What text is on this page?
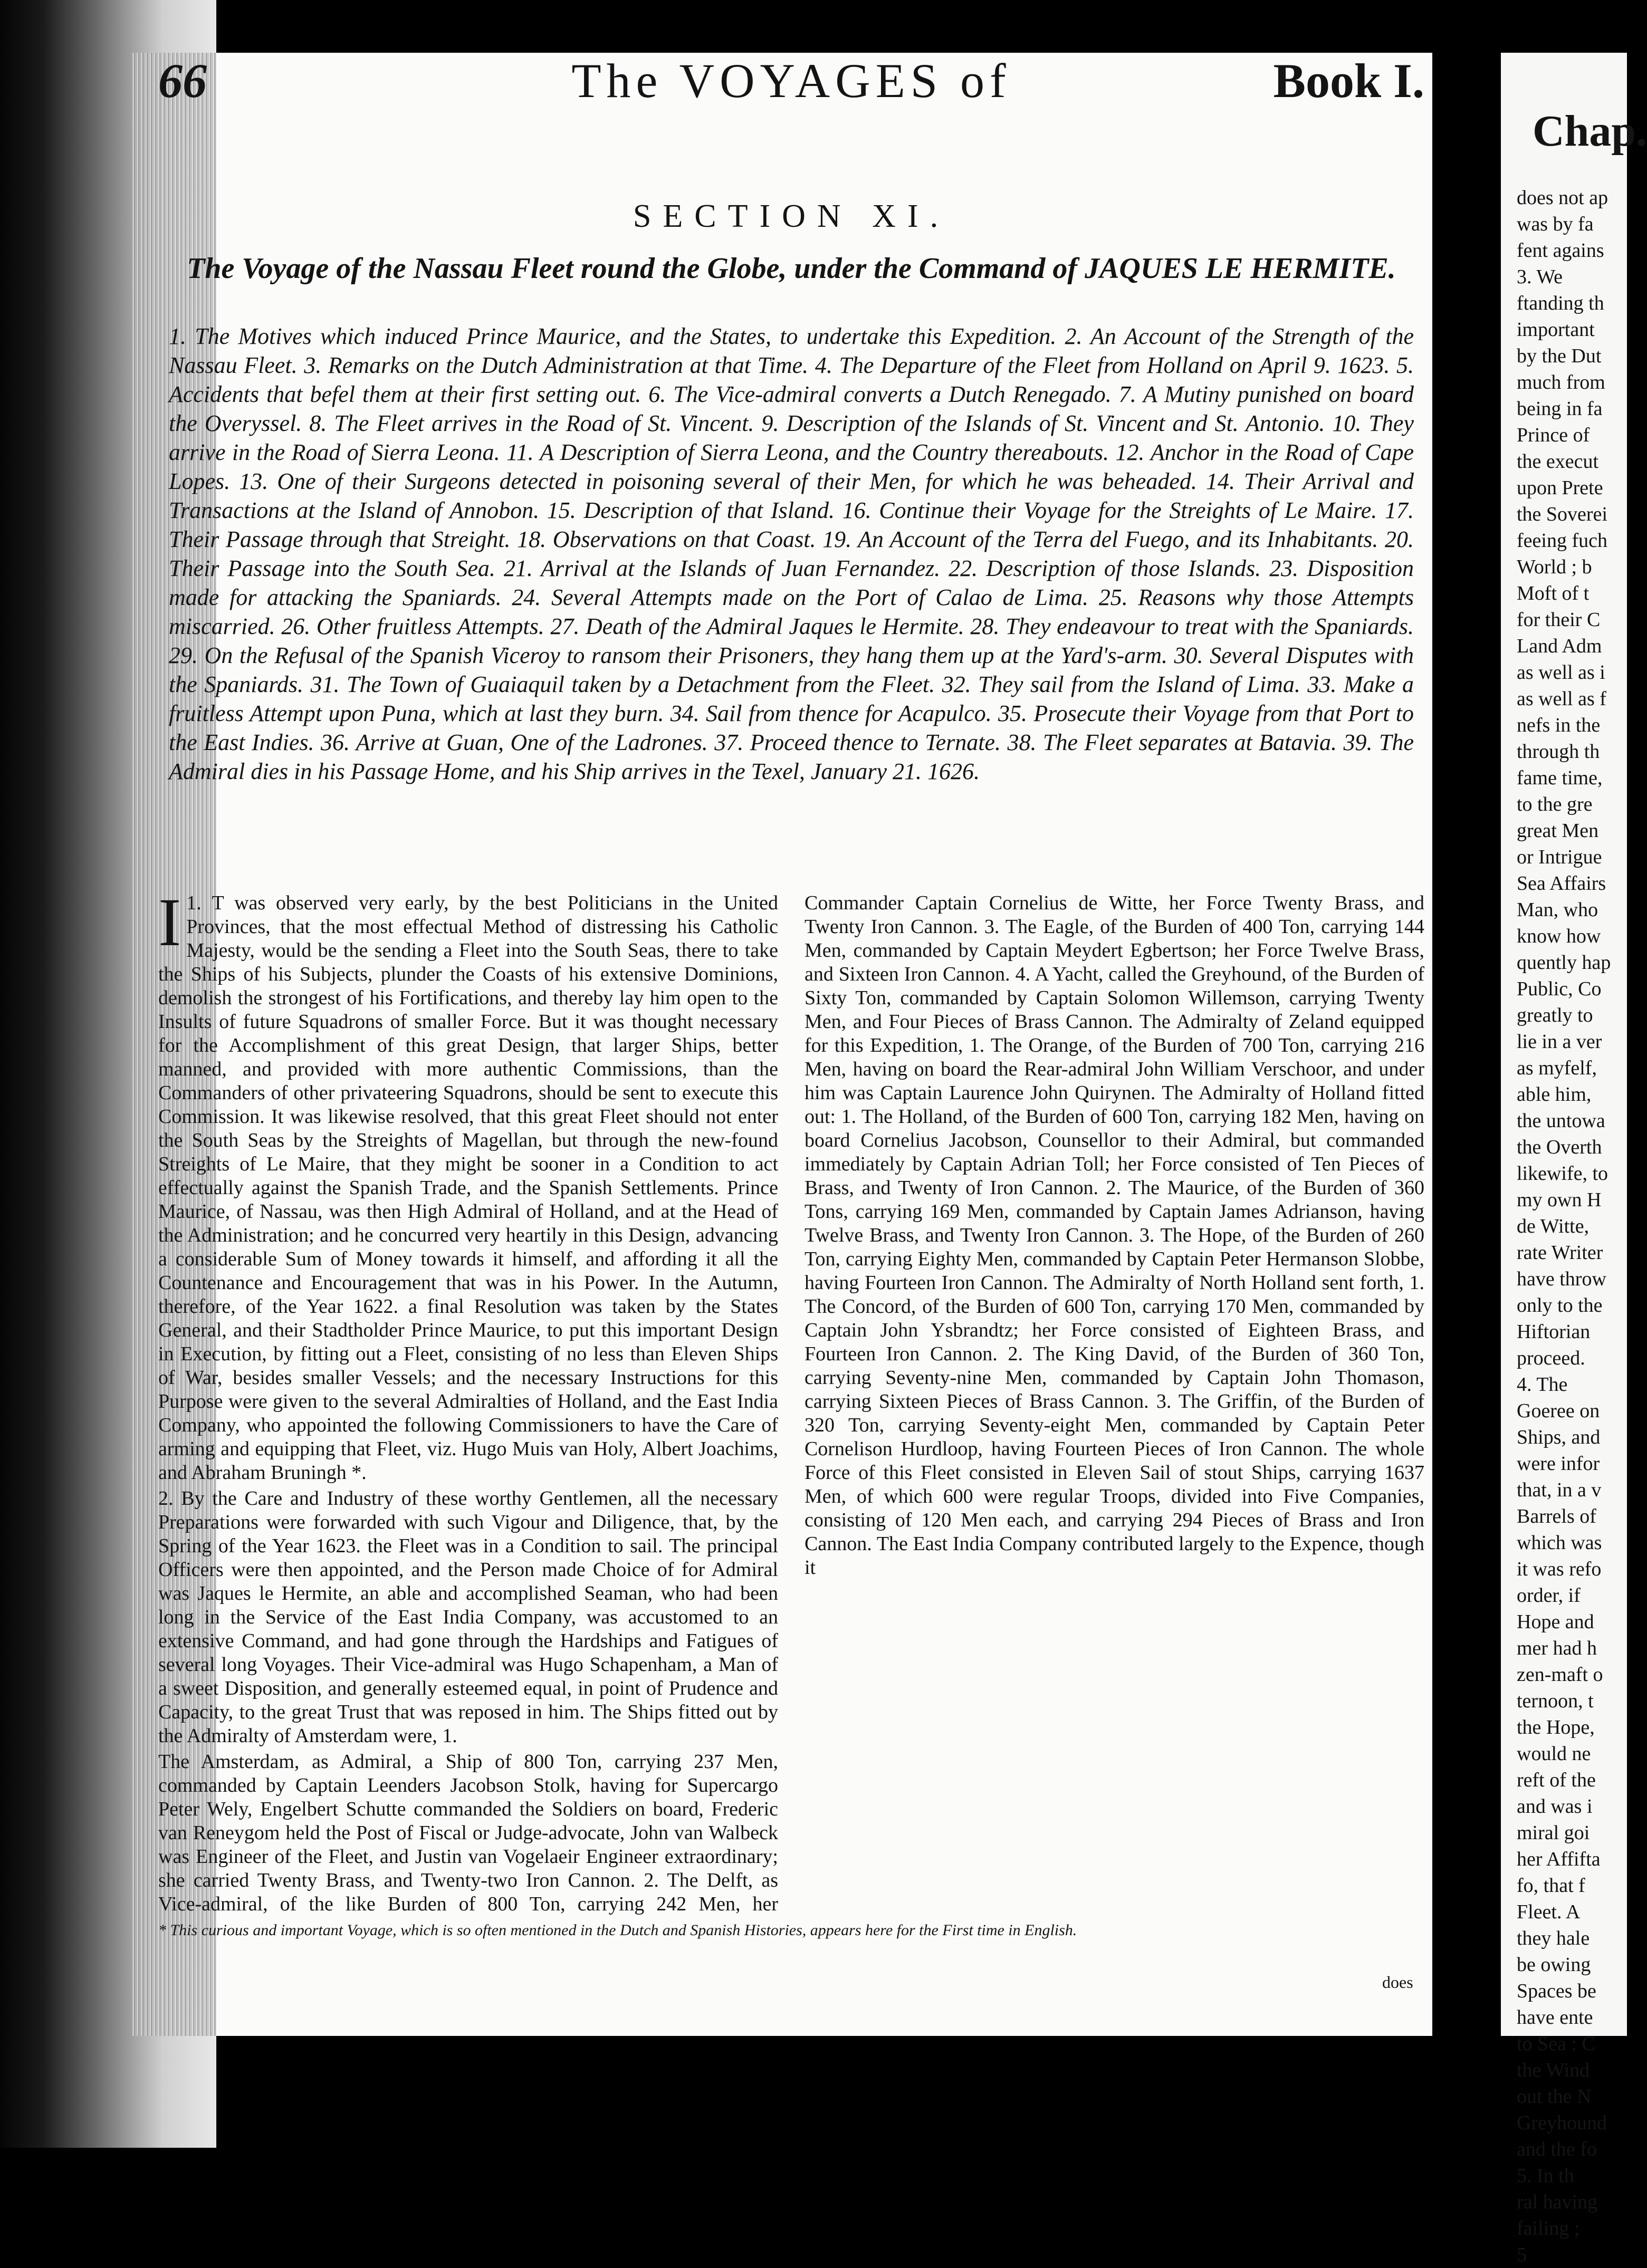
66	The VOYAGES of	Book I.
SECTION XI.
The Voyage of the Nassau Fleet round the Globe, under the Command of JAQUES LE HERMITE.
1. The Motives which induced Prince Maurice, and the States, to undertake this Expedition. 2. An Account of the Strength of the Nassau Fleet. 3. Remarks on the Dutch Administration at that Time. 4. The Departure of the Fleet from Holland on April 9. 1623. 5. Accidents that befel them at their first setting out. 6. The Vice-admiral converts a Dutch Renegado. 7. A Mutiny punished on board the Overyssel. 8. The Fleet arrives in the Road of St. Vincent. 9. Description of the Islands of St. Vincent and St. Antonio. 10. They arrive in the Road of Sierra Leona. 11. A Description of Sierra Leona, and the Country thereabouts. 12. Anchor in the Road of Cape Lopes. 13. One of their Surgeons detected in poisoning several of their Men, for which he was beheaded. 14. Their Arrival and Transactions at the Island of Annobon. 15. Description of that Island. 16. Continue their Voyage for the Streights of Le Maire. 17. Their Passage through that Streight. 18. Observations on that Coast. 19. An Account of the Terra del Fuego, and its Inhabitants. 20. Their Passage into the South Sea. 21. Arrival at the Islands of Juan Fernandez. 22. Description of those Islands. 23. Disposition made for attacking the Spaniards. 24. Several Attempts made on the Port of Calao de Lima. 25. Reasons why those Attempts miscarried. 26. Other fruitless Attempts. 27. Death of the Admiral Jaques le Hermite. 28. They endeavour to treat with the Spaniards. 29. On the Refusal of the Spanish Viceroy to ransom their Prisoners, they hang them up at the Yard's-arm. 30. Several Disputes with the Spaniards. 31. The Town of Guaiaquil taken by a Detachment from the Fleet. 32. They sail from the Island of Lima. 33. Make a fruitless Attempt upon Puna, which at last they burn. 34. Sail from thence for Acapulco. 35. Prosecute their Voyage from that Port to the East Indies. 36. Arrive at Guan, One of the Ladrones. 37. Proceed thence to Ternate. 38. The Fleet separates at Batavia. 39. The Admiral dies in his Passage Home, and his Ship arrives in the Texel, January 21. 1626.

1.
I T was observed very early, by the best Politicians in the United Provinces, that the most effectual Method of distressing his Catholic Majesty, would be the sending a Fleet into the South Seas, there to take the Ships of his Subjects, plunder the Coasts of his extensive Dominions, demolish the strongest of his Fortifications, and thereby lay him open to the Insults of future Squadrons of smaller Force. But it was thought necessary for the Accomplishment of this great Design, that larger Ships, better manned, and provided with more authentic Commissions, than the Commanders of other privateering Squadrons, should be sent to execute this Commission. It was likewise resolved, that this great Fleet should not enter the South Seas by the Streights of Magellan, but through the new-found Streights of Le Maire, that they might be sooner in a Condition to act effectually against the Spanish Trade, and the Spanish Settlements. Prince Maurice, of Nassau, was then High Admiral of Holland, and at the Head of the Administration; and he concurred very heartily in this Design, advancing a considerable Sum of Money towards it himself, and affording it all the Countenance and Encouragement that was in his Power. In the Autumn, therefore, of the Year 1622. a final Resolution was taken by the States General, and their Stadtholder Prince Maurice, to put this important Design in Execution, by fitting out a Fleet, consisting of no less than Eleven Ships of War, besides smaller Vessels; and the necessary Instructions for this Purpose were given to the several Admiralties of Holland, and the East India Company, who appointed the following Commissioners to have the Care of arming and equipping that Fleet, viz. Hugo Muis van Holy, Albert Joachims, and Abraham Bruningh *.

2. By the Care and Industry of these worthy Gentlemen, all the necessary Preparations were forwarded with such Vigour and Diligence, that, by the Spring of the Year 1623. the Fleet was in a Condition to sail. The principal Officers were then appointed, and the Person made Choice of for Admiral was Jaques le Hermite, an able and accomplished Seaman, who had been long in the Service of the East India Company, was accustomed to an extensive Command, and had gone through the Hardships and Fatigues of several long Voyages. Their Vice-admiral was Hugo Schapenham, a Man of a sweet Disposition, and generally esteemed equal, in point of Prudence and Capacity, to the great Trust that was reposed in him. The Ships fitted out by the Admiralty of Amsterdam were, 1.

The Amsterdam, as Admiral, a Ship of 800 Ton, carrying 237 Men, commanded by Captain Leenders Jacobson Stolk, having for Supercargo Peter Wely, Engelbert Schutte commanded the Soldiers on board, Frederic van Reneygom held the Post of Fiscal or Judge-advocate, John van Walbeck was Engineer of the Fleet, and Justin van Vogelaeir Engineer extraordinary; she carried Twenty Brass, and Twenty-two Iron Cannon. 2. The Delft, as Vice-admiral, of the like Burden of 800 Ton, carrying 242 Men, her Commander Captain Cornelius de Witte, her Force Twenty Brass, and Twenty Iron Cannon. 3. The Eagle, of the Burden of 400 Ton, carrying 144 Men, commanded by Captain Meydert Egbertson; her Force Twelve Brass, and Sixteen Iron Cannon. 4. A Yacht, called the Greyhound, of the Burden of Sixty Ton, commanded by Captain Solomon Willemson, carrying Twenty Men, and Four Pieces of Brass Cannon. The Admiralty of Zeland equipped for this Expedition, 1. The Orange, of the Burden of 700 Ton, carrying 216 Men, having on board the Rear-admiral John William Verschoor, and under him was Captain Laurence John Quirynen. The Admiralty of Holland fitted out: 1. The Holland, of the Burden of 600 Ton, carrying 182 Men, having on board Cornelius Jacobson, Counsellor to their Admiral, but commanded immediately by Captain Adrian Toll; her Force consisted of Ten Pieces of Brass, and Twenty of Iron Cannon. 2. The Maurice, of the Burden of 360 Tons, carrying 169 Men, commanded by Captain James Adrianson, having Twelve Brass, and Twenty Iron Cannon. 3. The Hope, of the Burden of 260 Ton, carrying Eighty Men, commanded by Captain Peter Hermanson Slobbe, having Fourteen Iron Cannon. The Admiralty of North Holland sent forth, 1. The Concord, of the Burden of 600 Ton, carrying 170 Men, commanded by Captain John Ysbrandtz; her Force consisted of Eighteen Brass, and Fourteen Iron Cannon. 2. The King David, of the Burden of 360 Ton, carrying Seventy-nine Men, commanded by Captain John Thomason, carrying Sixteen Pieces of Brass Cannon. 3. The Griffin, of the Burden of 320 Ton, carrying Seventy-eight Men, commanded by Captain Peter Cornelison Hurdloop, having Fourteen Pieces of Iron Cannon. The whole Force of this Fleet consisted in Eleven Sail of stout Ships, carrying 1637 Men, of which 600 were regular Troops, divided into Five Companies, consisting of 120 Men each, and carrying 294 Pieces of Brass and Iron Cannon. The East India Company contributed largely to the Expence, though it

* This curious and important Voyage, which is so often mentioned in the Dutch and Spanish Histories, appears here for the First time in English.
does
Chap.
does not ap
was by fa
fent agains
3. We
ftanding th
important
by the Dut
much from
being in fa
Prince of
the execut
upon Prete
the Soverei
feeing fuch
World ; b
Moft of t
for their C
Land Adm
as well as i
as well as f
nefs in the
through th
fame time,
to the gre
great Men
or Intrigue
Sea Affairs
Man, who
know how
quently hap
Public, Co
greatly to
lie in a ver
as myfelf,
able him,
the untowa
the Overth
likewife, to
my own H
de Witte,
rate Writer
have throw
only to the
Hiftorian
proceed.
4. The
Goeree on
Ships, and
were infor
that, in a v
Barrels of
which was
it was refo
order, if
Hope and
mer had h
zen-maft o
ternoon, t
the Hope,
would ne
reft of the
and was i
miral goi
her Affifta
fo, that f
Fleet. A
they hale
be owing
Spaces be
have ente
to Sea : C
the Wind
out the N
Greyhound
and the fo
5. In th
ral having
failing ;
5
